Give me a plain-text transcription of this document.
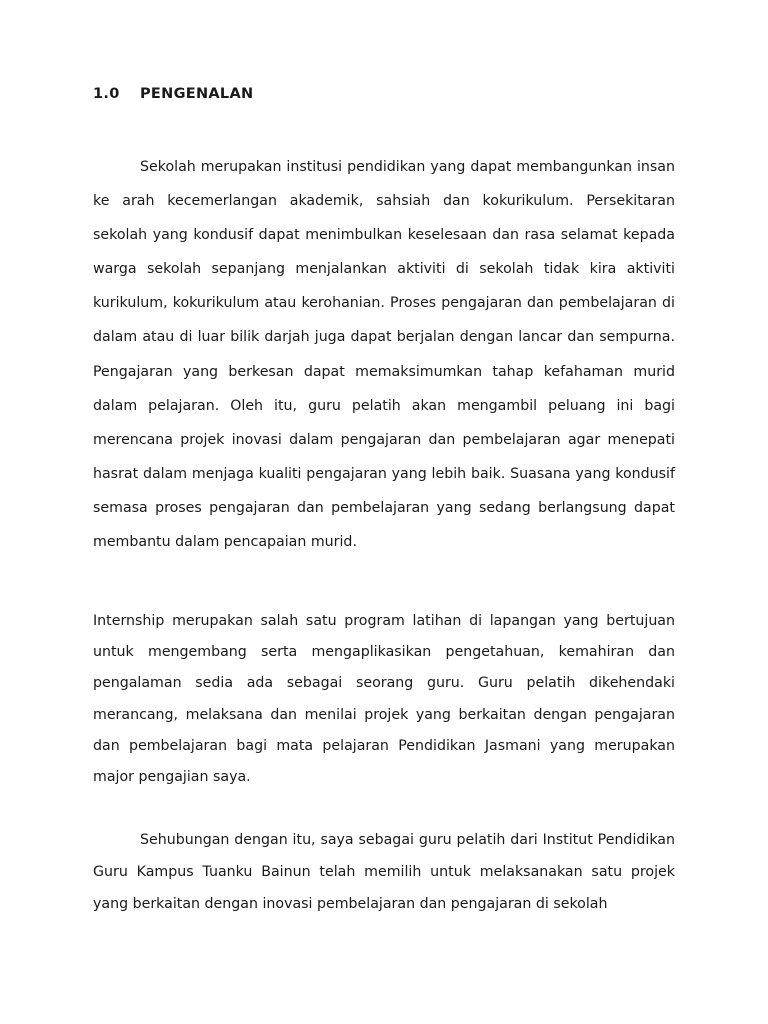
1.0 PENGENALAN

Sekolah merupakan institusi pendidikan yang dapat membangunkan insan ke arah kecemerlangan akademik, sahsiah dan kokurikulum. Persekitaran sekolah yang kondusif dapat menimbulkan keselesaan dan rasa selamat kepada warga sekolah sepanjang menjalankan aktiviti di sekolah tidak kira aktiviti kurikulum, kokurikulum atau kerohanian. Proses pengajaran dan pembelajaran di dalam atau di luar bilik darjah juga dapat berjalan dengan lancar dan sempurna. Pengajaran yang berkesan dapat memaksimumkan tahap kefahaman murid dalam pelajaran. Oleh itu, guru pelatih akan mengambil peluang ini bagi merencana projek inovasi dalam pengajaran dan pembelajaran agar menepati hasrat dalam menjaga kualiti pengajaran yang lebih baik. Suasana yang kondusif semasa proses pengajaran dan pembelajaran yang sedang berlangsung dapat membantu dalam pencapaian murid.

Internship merupakan salah satu program latihan di lapangan yang bertujuan untuk mengembang serta mengaplikasikan pengetahuan, kemahiran dan pengalaman sedia ada sebagai seorang guru. Guru pelatih dikehendaki merancang, melaksana dan menilai projek yang berkaitan dengan pengajaran dan pembelajaran bagi mata pelajaran Pendidikan Jasmani yang merupakan major pengajian saya.

Sehubungan dengan itu, saya sebagai guru pelatih dari Institut Pendidikan Guru Kampus Tuanku Bainun telah memilih untuk melaksanakan satu projek yang berkaitan dengan inovasi pembelajaran dan pengajaran di sekolah
